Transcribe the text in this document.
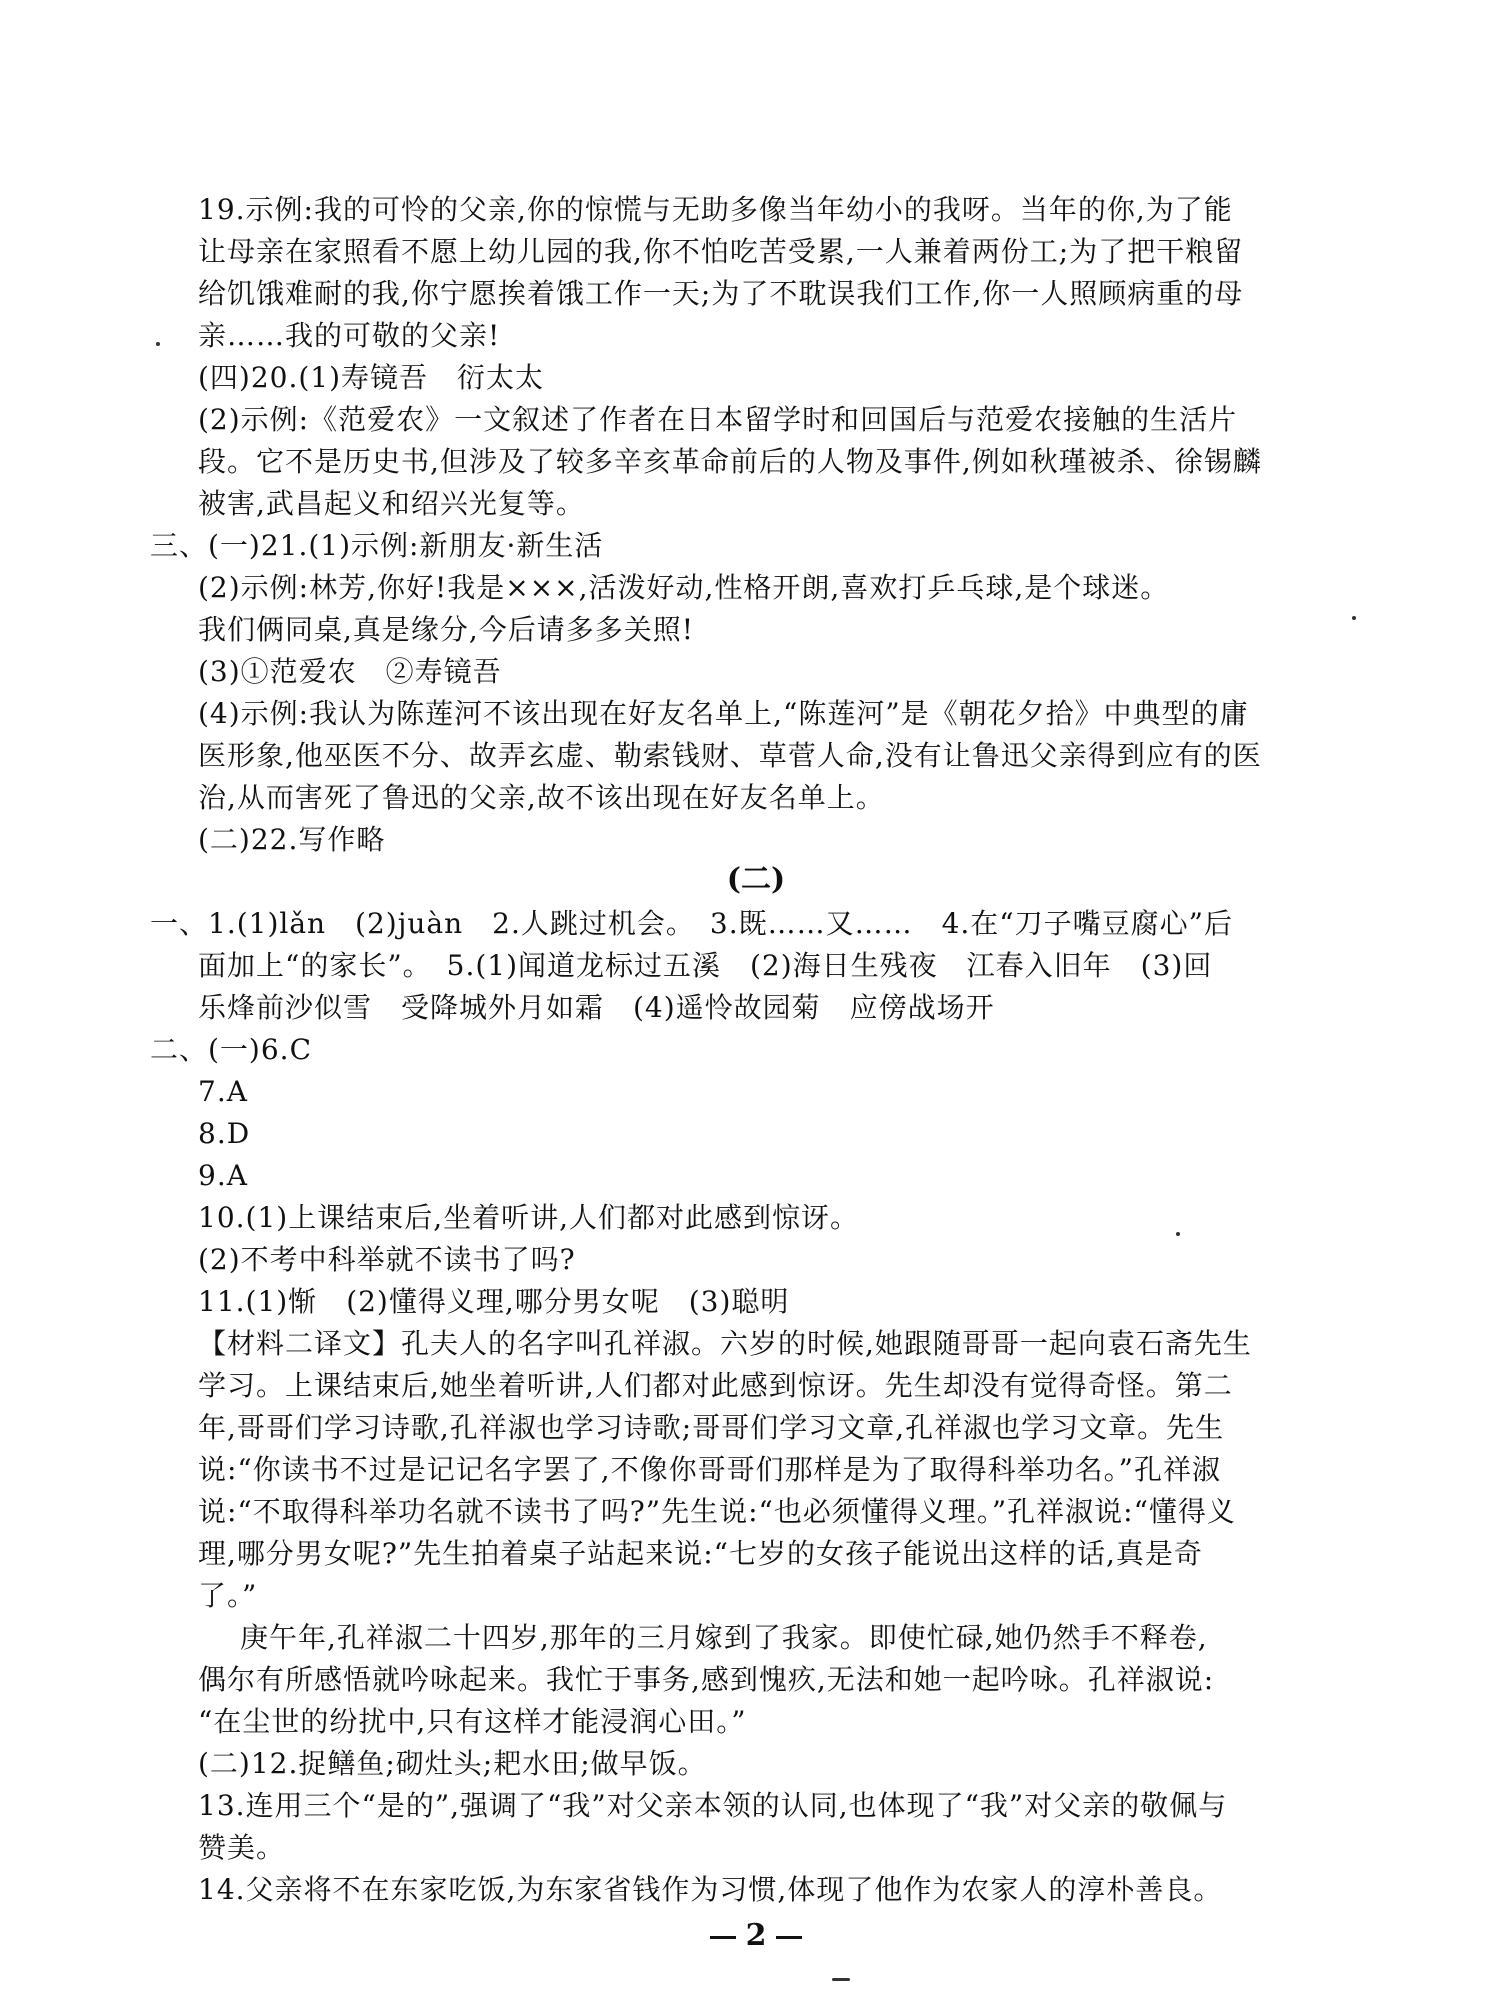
19.示例:我的可怜的父亲,你的惊慌与无助多像当年幼小的我呀。当年的你,为了能
让母亲在家照看不愿上幼儿园的我,你不怕吃苦受累,一人兼着两份工;为了把干粮留
给饥饿难耐的我,你宁愿挨着饿工作一天;为了不耽误我们工作,你一人照顾病重的母
亲……我的可敬的父亲!
(四)20.(1)寿镜吾　衍太太
(2)示例:《范爱农》一文叙述了作者在日本留学时和回国后与范爱农接触的生活片
段。它不是历史书,但涉及了较多辛亥革命前后的人物及事件,例如秋瑾被杀、徐锡麟
被害,武昌起义和绍兴光复等。
三、(一)21.(1)示例:新朋友·新生活
(2)示例:林芳,你好!我是×××,活泼好动,性格开朗,喜欢打乒乓球,是个球迷。
我们俩同桌,真是缘分,今后请多多关照!
(3)①范爱农　②寿镜吾
(4)示例:我认为陈莲河不该出现在好友名单上,“陈莲河”是《朝花夕拾》中典型的庸
医形象,他巫医不分、故弄玄虚、勒索钱财、草菅人命,没有让鲁迅父亲得到应有的医
治,从而害死了鲁迅的父亲,故不该出现在好友名单上。
(二)22.写作略
(二)
一、1.(1)lǎn　(2)juàn　2.人跳过机会。　3.既……又……　4.在“刀子嘴豆腐心”后
面加上“的家长”。　5.(1)闻道龙标过五溪　(2)海日生残夜　江春入旧年　(3)回
乐烽前沙似雪　受降城外月如霜　(4)遥怜故园菊　应傍战场开
二、(一)6.C
7.A
8.D
9.A
10.(1)上课结束后,坐着听讲,人们都对此感到惊讶。
(2)不考中科举就不读书了吗?
11.(1)惭　(2)懂得义理,哪分男女呢　(3)聪明
【材料二译文】孔夫人的名字叫孔祥淑。六岁的时候,她跟随哥哥一起向袁石斋先生
学习。上课结束后,她坐着听讲,人们都对此感到惊讶。先生却没有觉得奇怪。第二
年,哥哥们学习诗歌,孔祥淑也学习诗歌;哥哥们学习文章,孔祥淑也学习文章。先生
说:“你读书不过是记记名字罢了,不像你哥哥们那样是为了取得科举功名。”孔祥淑
说:“不取得科举功名就不读书了吗?”先生说:“也必须懂得义理。”孔祥淑说:“懂得义
理,哪分男女呢?”先生拍着桌子站起来说:“七岁的女孩子能说出这样的话,真是奇
了。”
庚午年,孔祥淑二十四岁,那年的三月嫁到了我家。即使忙碌,她仍然手不释卷,
偶尔有所感悟就吟咏起来。我忙于事务,感到愧疚,无法和她一起吟咏。孔祥淑说:
“在尘世的纷扰中,只有这样才能浸润心田。”
(二)12.捉鳝鱼;砌灶头;耙水田;做早饭。
13.连用三个“是的”,强调了“我”对父亲本领的认同,也体现了“我”对父亲的敬佩与
赞美。
14.父亲将不在东家吃饭,为东家省钱作为习惯,体现了他作为农家人的淳朴善良。
2
